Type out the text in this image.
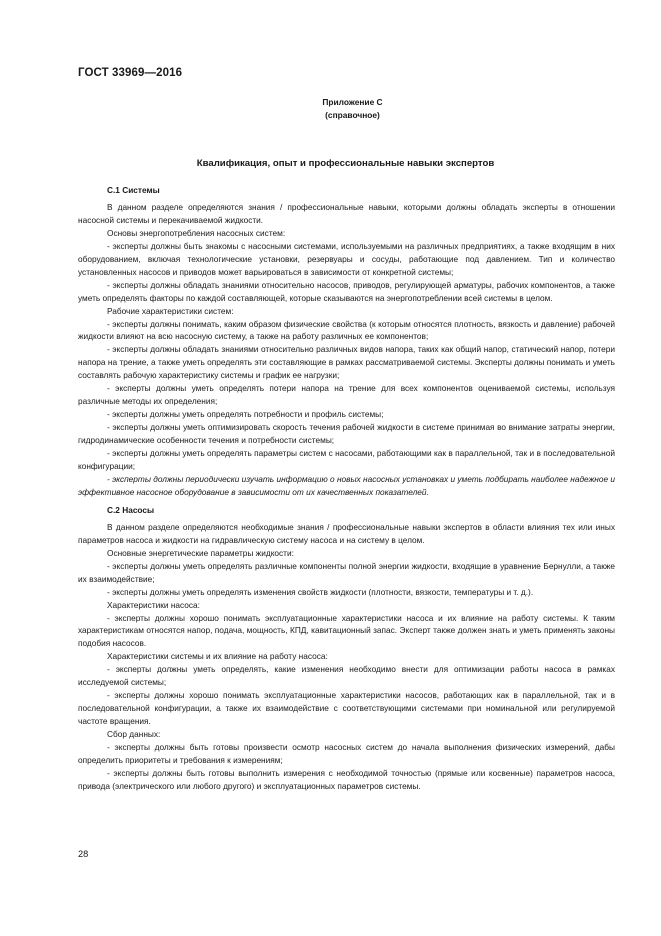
ГОСТ 33969—2016
Приложение С
(справочное)
Квалификация, опыт и профессиональные навыки экспертов
С.1 Системы

В данном разделе определяются знания / профессиональные навыки, которыми должны обладать эксперты в отношении насосной системы и перекачиваемой жидкости.

Основы энергопотребления насосных систем:

- эксперты должны быть знакомы с насосными системами, используемыми на различных предприятиях, а также входящим в них оборудованием, включая технологические установки, резервуары и сосуды, работающие под давлением. Тип и количество установленных насосов и приводов может варьироваться в зависимости от конкретной системы;

- эксперты должны обладать знаниями относительно насосов, приводов, регулирующей арматуры, рабочих компонентов, а также уметь определять факторы по каждой составляющей, которые сказываются на энергопотреблении всей системы в целом.

Рабочие характеристики систем:

- эксперты должны понимать, каким образом физические свойства (к которым относятся плотность, вязкость и давление) рабочей жидкости влияют на всю насосную систему, а также на работу различных ее компонентов;

- эксперты должны обладать знаниями относительно различных видов напора, таких как общий напор, статический напор, потери напора на трение, а также уметь определять эти составляющие в рамках рассматриваемой системы. Эксперты должны понимать и уметь составлять рабочую характеристику системы и график ее нагрузки;

- эксперты должны уметь определять потери напора на трение для всех компонентов оцениваемой системы, используя различные методы их определения;

- эксперты должны уметь определять потребности и профиль системы;

- эксперты должны уметь оптимизировать скорость течения рабочей жидкости в системе принимая во внимание затраты энергии, гидродинамические особенности течения и потребности системы;

- эксперты должны уметь определять параметры систем с насосами, работающими как в параллельной, так и в последовательной конфигурации;

- эксперты должны периодически изучать информацию о новых насосных установках и уметь подбирать наиболее надежное и эффективное насосное оборудование в зависимости от их качественных показателей.

С.2 Насосы

В данном разделе определяются необходимые знания / профессиональные навыки экспертов в области влияния тех или иных параметров насоса и жидкости на гидравлическую систему насоса и на систему в целом.

Основные энергетические параметры жидкости:

- эксперты должны уметь определять различные компоненты полной энергии жидкости, входящие в уравнение Бернулли, а также их взаимодействие;

- эксперты должны уметь определять изменения свойств жидкости (плотности, вязкости, температуры и т. д.).

Характеристики насоса:

- эксперты должны хорошо понимать эксплуатационные характеристики насоса и их влияние на работу системы. К таким характеристикам относятся напор, подача, мощность, КПД, кавитационный запас. Эксперт также должен знать и уметь применять законы подобия насосов.

Характеристики системы и их влияние на работу насоса:

- эксперты должны уметь определять, какие изменения необходимо внести для оптимизации работы насоса в рамках исследуемой системы;

- эксперты должны хорошо понимать эксплуатационные характеристики насосов, работающих как в параллельной, так и в последовательной конфигурации, а также их взаимодействие с соответствующими системами при номинальной или регулируемой частоте вращения.

Сбор данных:

- эксперты должны быть готовы произвести осмотр насосных систем до начала выполнения физических измерений, дабы определить приоритеты и требования к измерениям;

- эксперты должны быть готовы выполнить измерения с необходимой точностью (прямые или косвенные) параметров насоса, привода (электрического или любого другого) и эксплуатационных параметров системы.

28
